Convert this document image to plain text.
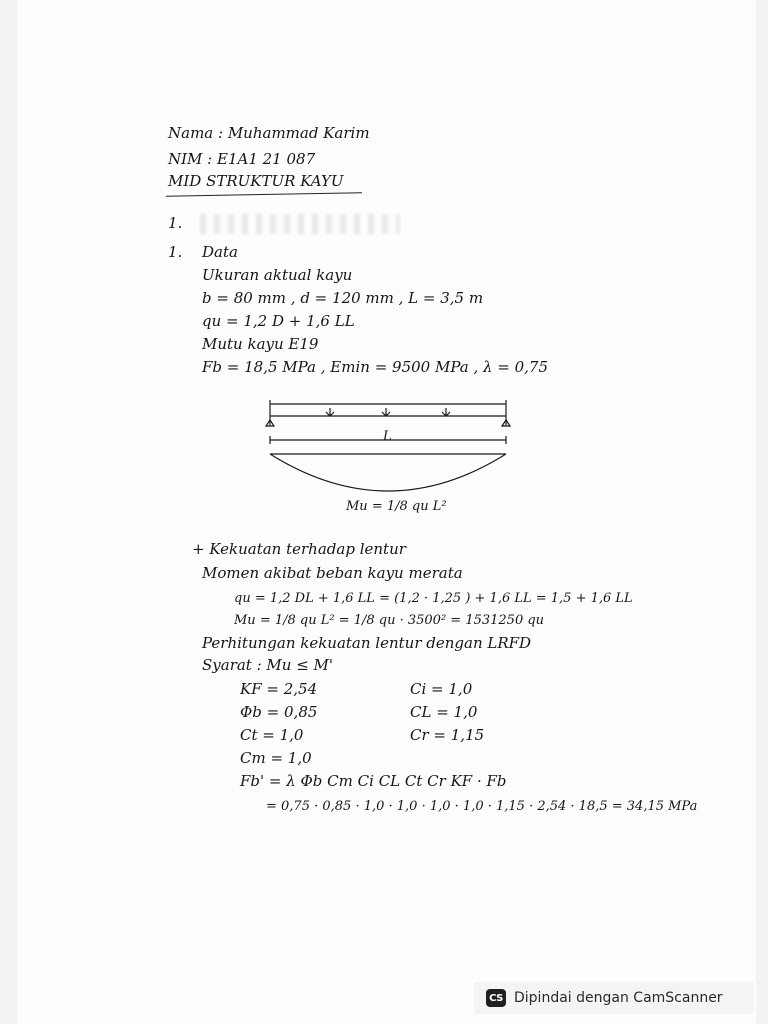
Nama : Muhammad Karim
NIM : E1A1 21 087
MID STRUKTUR KAYU
1.
1. Data
Ukuran aktual kayu
b = 80 mm , d = 120 mm , L = 3,5 m
qu = 1,2 D + 1,6 LL
Mutu kayu E19
Fb = 18,5 MPa , Emin = 9500 MPa , λ = 0,75
L
Mu = 1/8 qu L²
+ Kekuatan terhadap lentur
Momen akibat beban kayu merata
qu = 1,2 DL + 1,6 LL = (1,2 · 1,25 ) + 1,6 LL = 1,5 + 1,6 LL
Mu = 1/8 qu L² = 1/8 qu · 3500² = 1531250 qu
Perhitungan kekuatan lentur dengan LRFD
Syarat : Mu ≤ M'
KF = 2,54
Φb = 0,85
Ct = 1,0
Cm = 1,0
Ci = 1,0
CL = 1,0
Cr = 1,15
Fb' = λ Φb Cm Ci CL Ct Cr KF · Fb
= 0,75 · 0,85 · 1,0 · 1,0 · 1,0 · 1,0 · 1,15 · 2,54 · 18,5 = 34,15 MPa
CS Dipindai dengan CamScanner
